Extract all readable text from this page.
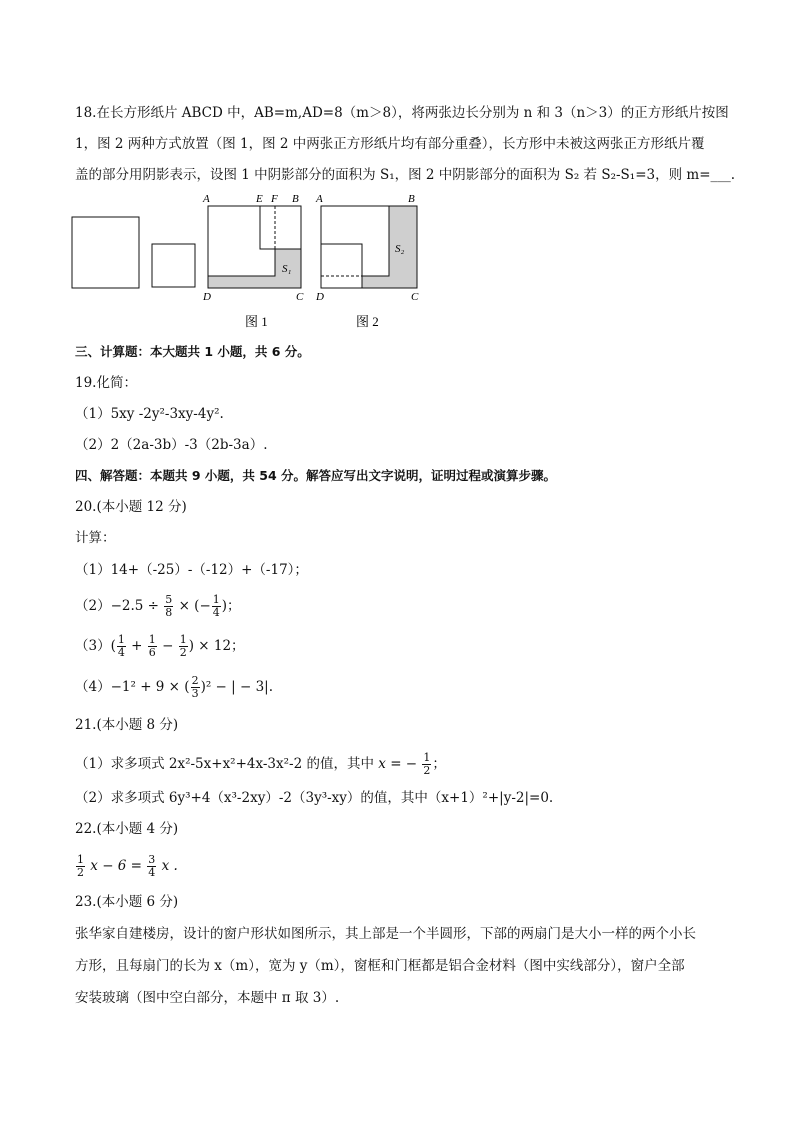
18.在长方形纸片 ABCD 中，AB=m,AD=8（m＞8），将两张边长分别为 n 和 3（n＞3）的正方形纸片按图
1，图 2 两种方式放置（图 1，图 2 中两张正方形纸片均有部分重叠），长方形中未被这两张正方形纸片覆
盖的部分用阴影表示，设图 1 中阴影部分的面积为 S₁，图 2 中阴影部分的面积为 S₂ 若 S₂-S₁=3，则 m=___.
A	E F B
D	C
S₁
图 1
A	B
D	C
S₂
图 2
三、计算题：本大题共 1 小题，共 6 分。
19.化简：
（1）5xy -2y²-3xy-4y².
（2）2（2a-3b）-3（2b-3a）.
四、解答题：本题共 9 小题，共 54 分。解答应写出文字说明，证明过程或演算步骤。
20.(本小题 12 分)
计算：
（1）14+（-25）-（-12）+（-17）；
$(2)-2.5 \div \frac{5}{8}$ × (− $\frac{1}{4}$ )；
$(3)( \frac{1}{4} + \frac{1}{6} - \frac{1}{2}$ ) × 12；
（4）−1² + 9 × ( $\frac{2}{3} )^2$ − | − 3|.
21.(本小题 8 分)
（1）求多项式 2x²-5x+x²+4x-3x²-2 的值，其中 x = − $\frac{1}{2}$ ；
（2）求多项式 6y³+4（x³-2xy）-2（3y³-xy）的值，其中（x+1）²+|y-2|=0.
22.(本小题 4 分)
$\frac{1}{2}$ $x - 6 = \frac{3}{4}$ x .
23.(本小题 6 分)
张华家自建楼房，设计的窗户形状如图所示，其上部是一个半圆形，下部的两扇门是大小一样的两个小长
方形，且每扇门的长为 x（m），宽为 y（m），窗框和门框都是铝合金材料（图中实线部分），窗户全部
安装玻璃（图中空白部分，本题中 π 取 3）.
